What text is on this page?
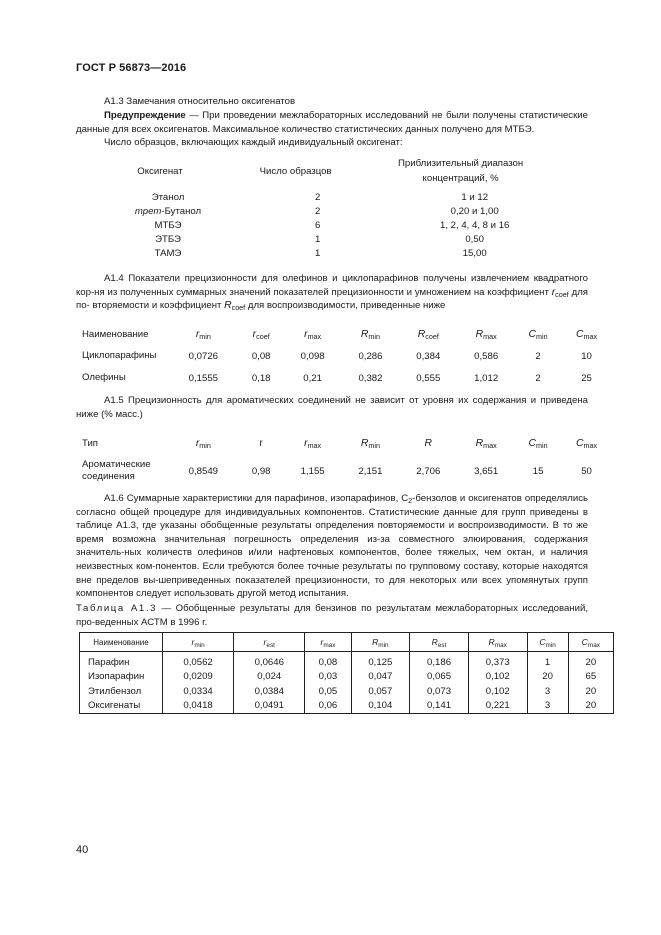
ГОСТ Р 56873—2016
А1.3 Замечания относительно оксигенатов
Предупреждение — При проведении межлабораторных исследований не были получены статистические данные для всех оксигенатов. Максимальное количество статистических данных получено для МТБЭ.
Число образцов, включающих каждый индивидуальный оксигенат:
Оксигенат	Число образцов	Приблизительный диапазон концентраций, %

Этанол	2	1 и 12
трет-Бутанол	2	0,20 и 1,00
МТБЭ	6	1, 2, 4, 4, 8 и 16
ЭТБЭ	1	0,50
ТАМЭ	1	15,00
А1.4 Показатели прецизионности для олефинов и циклопарафинов получены извлечением квадратного кор-ня из полученных суммарных значений показателей прецизионности и умножением на коэффициент $r_{coef}$ для по- вторяемости и коэффициент $R_{coef}$ для воспроизводимости, приведенные ниже
Наименование	$r_{min}$	$r_{coef}$	$r_{max}$	$R_{min}$	$R_{coef}$	$R_{max}$	$C_{min}$	$C_{max}$
Циклопарафины	0,0726	0,08	0,098	0,286	0,384	0,586	2	10
Олефины	0,1555	0,18	0,21	0,382	0,555	1,012	2	25
А1.5 Прецизионность для ароматических соединений не зависит от уровня их содержания и приведена ниже (% масс.)
Тип	$r_{min}$	r	$r_{max}$	$R_{min}$	R	$R_{max}$	$C_{min}$	$C_{max}$
Ароматические соединения	0,8549	0,98	1,155	2,151	2,706	3,651	15	50
А1.6 Суммарные характеристики для парафинов, изопарафинов, $С_2$-бензолов и оксигенатов определялись согласно общей процедуре для индивидуальных компонентов. Статистические данные для групп приведены в таблице А1.3, где указаны обобщенные результаты определения повторяемости и воспроизводимости. В то же время возможна значительная погрешность определения из-за совместного элюирования, содержания значитель-ных количеств олефинов и/или нафтеновых компонентов, более тяжелых, чем октан, и наличия неизвестных ком-понентов. Если требуются более точные результаты по групповому составу, которые находятся вне пределов вы-шеприведенных показателей прецизионности, то для некоторых или всех упомянутых групп компонентов следует использовать другой метод испытания.
Таблица А1.3 — Обобщенные результаты для бензинов по результатам межлабораторных исследований, про-веденных АСТМ в 1996 г.
Наименование	$r_{min}$	$r_{est}$	$r_{max}$	$R_{min}$	$R_{est}$	$R_{max}$	$C_{min}$	$C_{max}$
Парафин	0,0562	0,0646	0,08	0,125	0,186	0,373	1	20
Изопарафин	0,0209	0,024	0,03	0,047	0,065	0,102	20	65
Этилбензол	0,0334	0,0384	0,05	0,057	0,073	0,102	3	20
Оксигенаты	0,0418	0,0491	0,06	0,104	0,141	0,221	3	20
40
